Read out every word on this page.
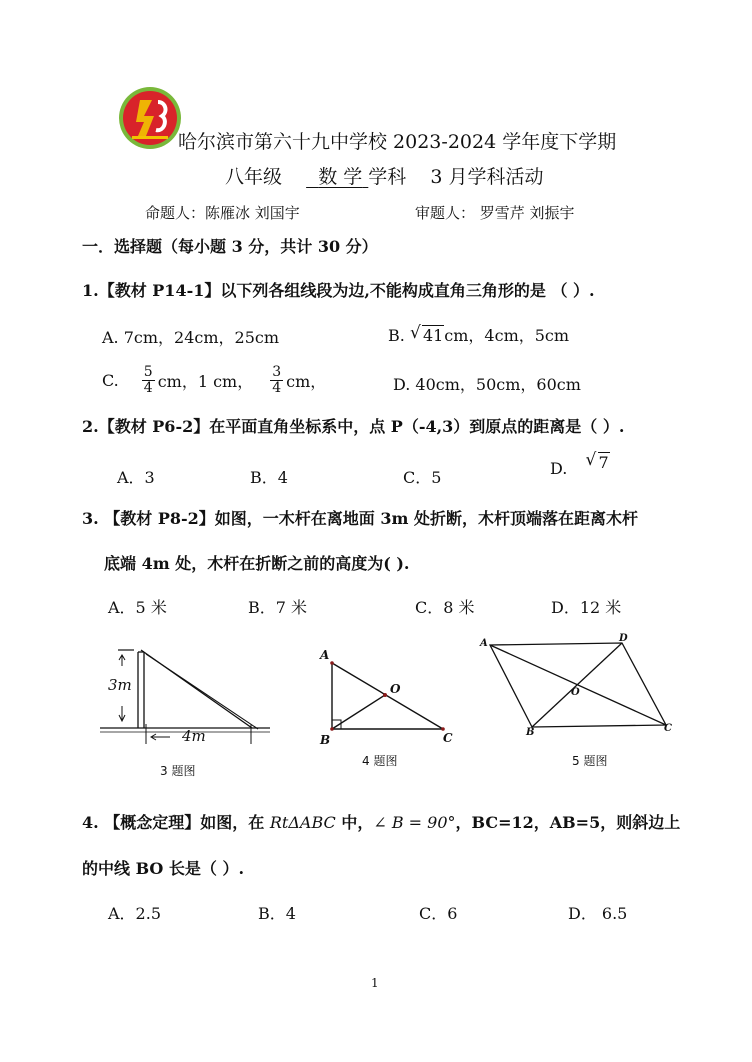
哈尔滨市第六十九中学校 2023-2024 学年度下学期
八年级 数 学 学科 3 月学科活动
命题人：陈雁冰 刘国宇	审题人： 罗雪芹 刘振宇
一．选择题（每小题 3 分，共计 30 分）
1.【教材 P14-1】以下列各组线段为边,不能构成直角三角形的是 （ ）.
A. 7cm，24cm，25cm	B. √ 41cm，4cm，5cm
C. $\frac{5}{4}$ cm，1 cm， $\frac{3}{4}$ cm，	D. 40cm，50cm，60cm
2.【教材 P6-2】在平面直角坐标系中，点 P（-4,3）到原点的距离是（ ）.
A．3	B．4	C．5	D. √ 7
3. 【教材 P8-2】如图，一木杆在离地面 3m 处折断，木杆顶端落在距离木杆
底端 4m 处，木杆在折断之前的高度为( ).
A．5 米	B．7 米	C．8 米	D．12 米
3m
4m
3 题图
A
B	C
O
4 题图
A	D
B	C
O
5 题图
4. 【概念定理】如图，在 RtΔABC 中，∠ B = 90°，BC=12，AB=5，则斜边上
的中线 BO 长是（ ）.
A．2.5	B．4	C．6	D． 6.5
1
